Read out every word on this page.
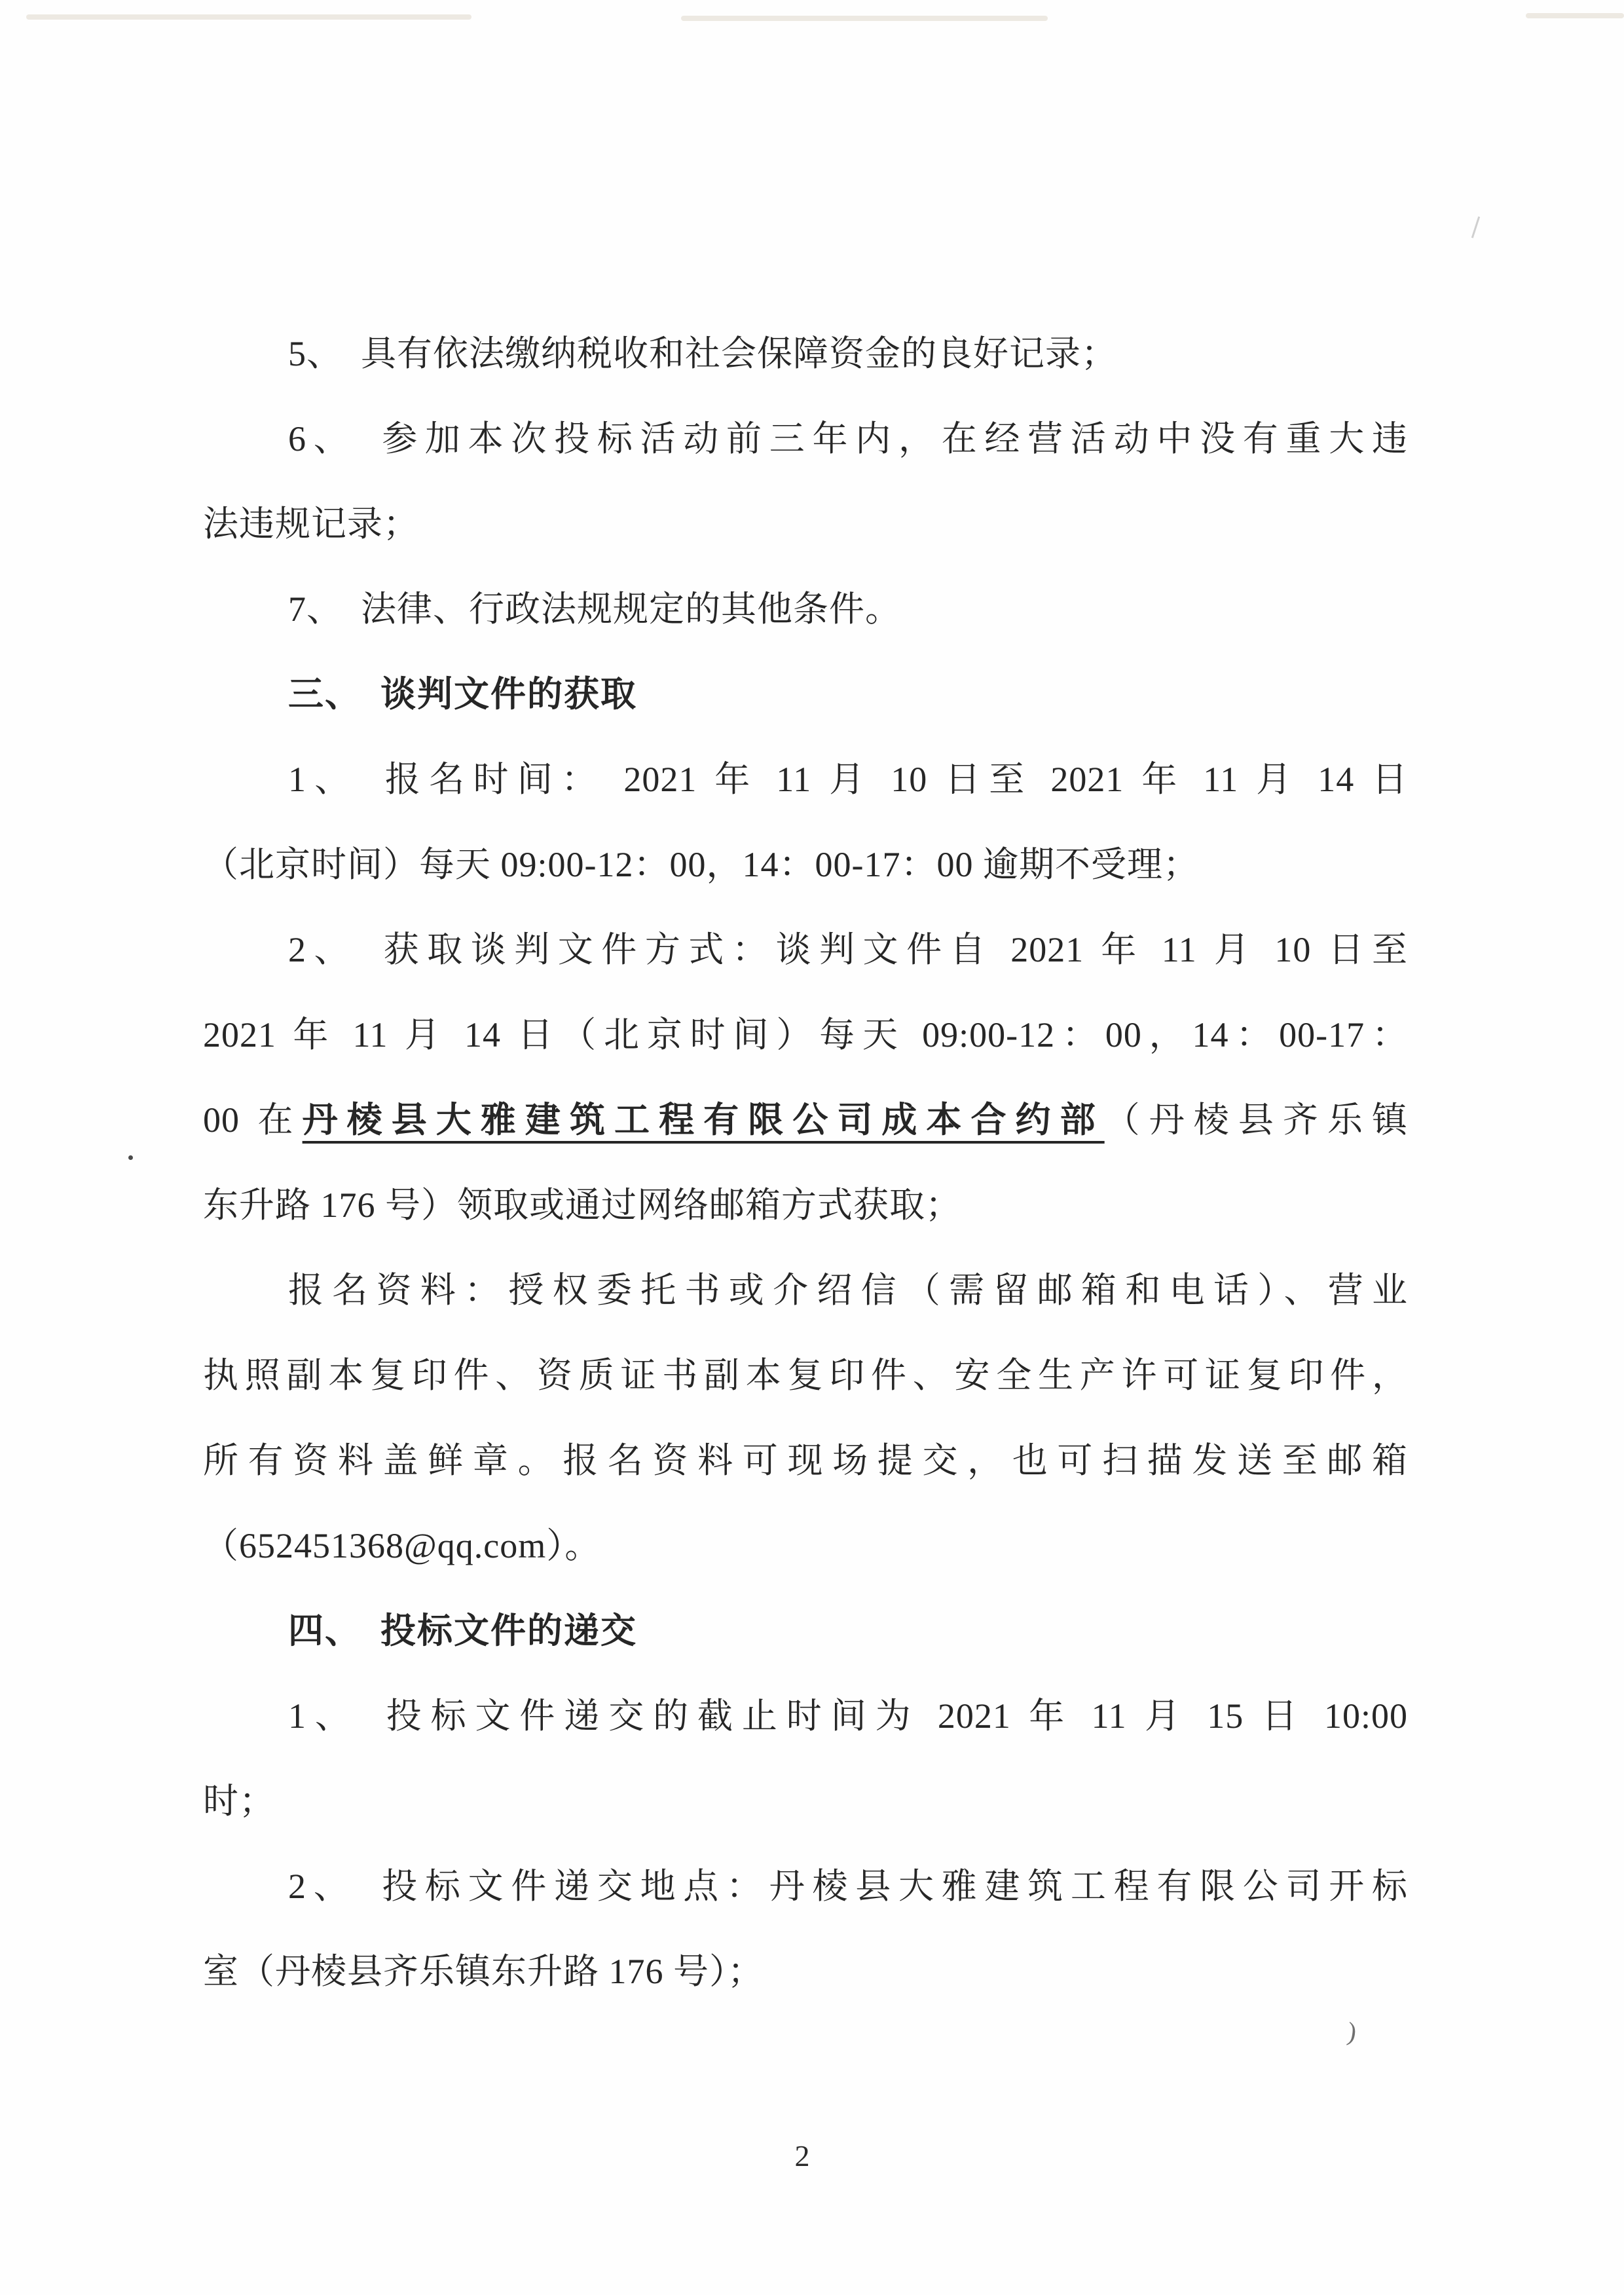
)
5、 具有依法缴纳税收和社会保障资金的良好记录；
6、 参加本次投标活动前三年内，在经营活动中没有重大违
法违规记录；
7、 法律、行政法规规定的其他条件。
三、 谈判文件的获取
1、 报名时间： 2021 年 11 月 10 日至 2021 年 11 月 14 日
（北京时间）每天 09:00-12：00，14：00-17：00 逾期不受理；
2、 获取谈判文件方式：谈判文件自 2021 年 11 月 10 日至
2021 年 11 月 14 日（北京时间）每天 09:00-12：00，14：00-17：
00 在丹棱县大雅建筑工程有限公司成本合约部（丹棱县齐乐镇
东升路 176 号）领取或通过网络邮箱方式获取；
报名资料：授权委托书或介绍信（需留邮箱和电话）、营业
执照副本复印件、资质证书副本复印件、安全生产许可证复印件，
所有资料盖鲜章。报名资料可现场提交，也可扫描发送至邮箱
（652451368@qq.com）。
四、 投标文件的递交
1、 投标文件递交的截止时间为 2021 年 11 月 15 日 10:00
时；
2、 投标文件递交地点：丹棱县大雅建筑工程有限公司开标
室（丹棱县齐乐镇东升路 176 号）；
2
